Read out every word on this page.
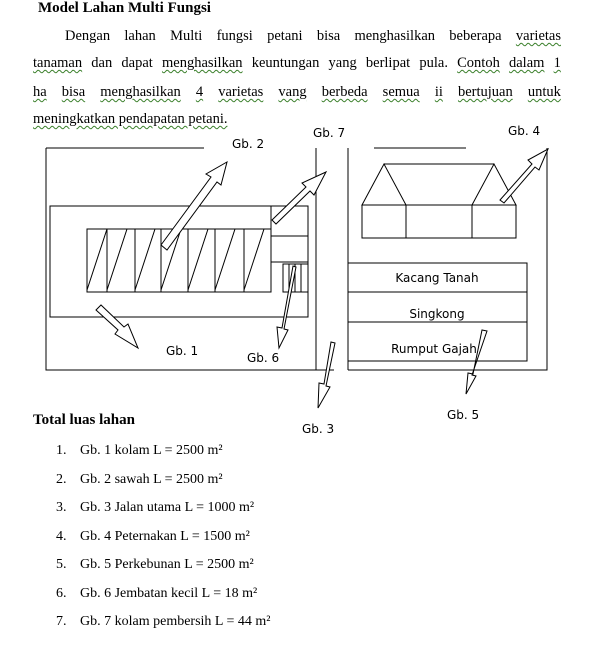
Model Lahan Multi Fungsi
Dengan lahan Multi fungsi petani bisa menghasilkan beberapa varietas
tanaman dan dapat menghasilkan keuntungan yang berlipat pula. Contoh dalam 1
ha bisa menghasilkan 4 varietas vang berbeda semua ii bertujuan untuk
meningkatkan pendapatan petani.
Gb. 2
Gb. 7	Gb. 4
Gb. 1	Gb. 6
Gb. 3
Gb. 5
Kacang Tanah
Singkong
Rumput Gajah
Total luas lahan
1. Gb. 1 kolam L = 2500 m²
2. Gb. 2 sawah L = 2500 m²
3. Gb. 3 Jalan utama L = 1000 m²
4. Gb. 4 Peternakan L = 1500 m²
5. Gb. 5 Perkebunan L = 2500 m²
6. Gb. 6 Jembatan kecil L = 18 m²
7. Gb. 7 kolam pembersih L = 44 m²
